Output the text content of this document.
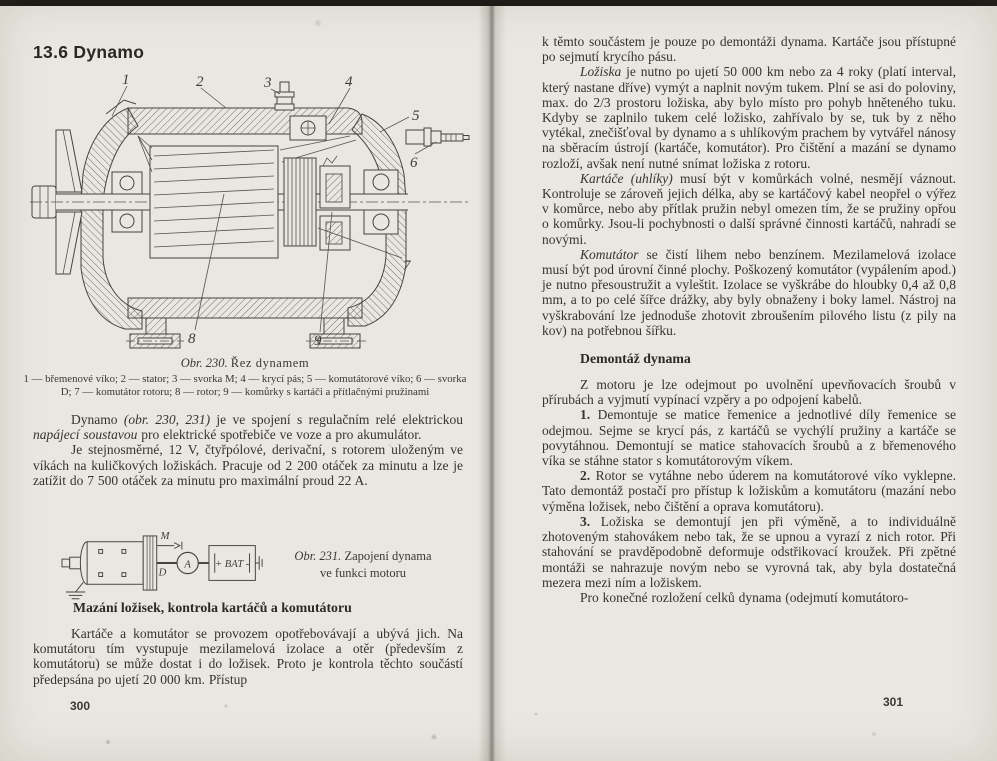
13.6 Dynamo
1	2	3	4
5
6
7
8	9
Obr. 230. Řez dynamem
1 — břemenové víko; 2 — stator; 3 — svorka M; 4 — krycí pás; 5 — komutátorové víko; 6 — svorka D; 7 — komutátor rotoru; 8 — rotor; 9 — komůrky s kartáči a přítlačnými pružinami

Dynamo (obr. 230, 231) je ve spojení s regulačním relé elektrickou napájecí soustavou pro elektrické spotřebiče ve voze a pro akumulátor.

Je stejnosměrné, 12 V, čtyřpólové, derivační, s rotorem uloženým ve víkách na kuličkových ložiskách. Pracuje od 2 200 otáček za minutu a lze je zatížit do 7 500 otáček za minutu pro maximální proud 22 A.

M
D
A + BAT -
Obr. 231. Zapojení dynama
ve funkci motoru
Mazání ložisek, kontrola kartáčů a komutátoru

Kartáče a komutátor se provozem opotřebovávají a ubývá jich. Na komutátoru tím vystupuje mezilamelová izolace a otěr (především z komutátoru) se může dostat i do ložisek. Proto je kontrola těchto součástí předepsána po ujetí 20 000 km. Přístup

300

k těmto součástem je pouze po demontáži dynama. Kartáče jsou přístupné po sejmutí krycího pásu.

Ložiska je nutno po ujetí 50 000 km nebo za 4 roky (platí interval, který nastane dříve) vymýt a naplnit novým tukem. Plní se asi do poloviny, max. do 2/3 prostoru ložiska, aby bylo místo pro pohyb hněteného tuku. Kdyby se zaplnilo tukem celé ložisko, zahřívalo by se, tuk by z něho vytékal, znečišťoval by dynamo a s uhlíkovým prachem by vytvářel nánosy na sběracím ústrojí (kartáče, komutátor). Pro čištění a mazání se dynamo rozloží, avšak není nutné snímat ložiska z rotoru.

Kartáče (uhlíky) musí být v komůrkách volné, nesmějí váznout. Kontroluje se zároveň jejich délka, aby se kartáčový kabel neopřel o výřez v komůrce, nebo aby přítlak pružin nebyl omezen tím, že se pružiny opřou o komůrky. Jsou-li pochybnosti o další správné činnosti kartáčů, nahradí se novými.

Komutátor se čistí lihem nebo benzínem. Mezilamelová izolace musí být pod úrovní činné plochy. Poškozený komutátor (vypálením apod.) je nutno přesoustružit a vyleštit. Izolace se vyškrábe do hloubky 0,4 až 0,8 mm, a to po celé šířce drážky, aby byly obnaženy i boky lamel. Nástroj na vyškrabování lze jednoduše zhotovit zbroušením pilového listu (z pily na kov) na potřebnou šířku.

Demontáž dynama

Z motoru je lze odejmout po uvolnění upevňovacích šroubů v přírubách a vyjmutí vypínací vzpěry a po odpojení kabelů.

1. Demontuje se matice řemenice a jednotlivé díly řemenice se odejmou. Sejme se krycí pás, z kartáčů se vychýlí pružiny a kartáče se povytáhnou. Demontují se matice stahovacích šroubů a z břemenového víka se stáhne stator s komutátorovým víkem.

2. Rotor se vytáhne nebo úderem na komutátorové víko vyklepne. Tato demontáž postačí pro přístup k ložiskům a komutátoru (mazání nebo výměna ložisek, nebo čištění a oprava komutátoru).

3. Ložiska se demontují jen při výměně, a to individuálně zhotoveným stahovákem nebo tak, že se upnou a vyrazí z nich rotor. Při stahování se pravděpodobně deformuje odstřikovací kroužek. Při zpětné montáži se nahrazuje novým nebo se vyrovná tak, aby byla dostatečná mezera mezi ním a ložiskem.

Pro konečné rozložení celků dynama (odejmutí komutátoro-

301
